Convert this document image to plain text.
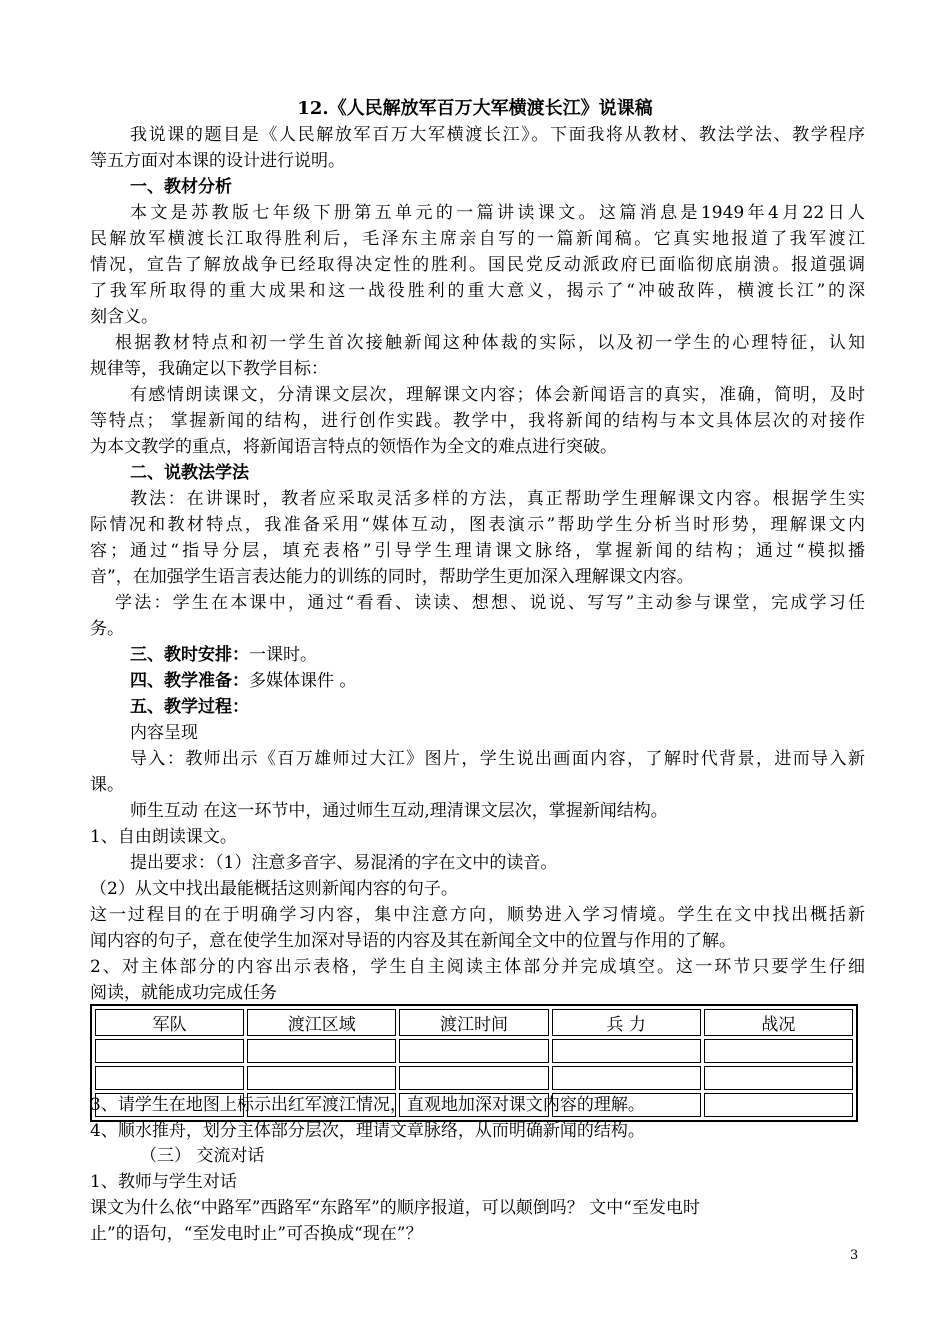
12.《人民解放军百万大军横渡长江》说课稿
我说课的题目是《人民解放军百万大军横渡长江》。下面我将从教材、教法学法、教学程序
等五方面对本课的设计进行说明。
一、教材分析
本文是苏教版七年级下册第五单元的一篇讲读课文。这篇消息是1949年4月22日人
民解放军横渡长江取得胜利后，毛泽东主席亲自写的一篇新闻稿。它真实地报道了我军渡江
情况，宣告了解放战争已经取得决定性的胜利。国民党反动派政府已面临彻底崩溃。报道强调
了我军所取得的重大成果和这一战役胜利的重大意义，揭示了“冲破敌阵，横渡长江”的深
刻含义。
根据教材特点和初一学生首次接触新闻这种体裁的实际，以及初一学生的心理特征，认知
规律等，我确定以下教学目标：
有感情朗读课文，分清课文层次，理解课文内容；体会新闻语言的真实，准确，简明，及时
等特点； 掌握新闻的结构，进行创作实践。教学中，我将新闻的结构与本文具体层次的对接作
为本文教学的重点，将新闻语言特点的领悟作为全文的难点进行突破。
二、说教法学法
教法：在讲课时，教者应采取灵活多样的方法，真正帮助学生理解课文内容。根据学生实
际情况和教材特点，我准备采用“媒体互动，图表演示”帮助学生分析当时形势，理解课文内
容；通过“指导分层，填充表格”引导学生理请课文脉络，掌握新闻的结构；通过“模拟播
音”，在加强学生语言表达能力的训练的同时，帮助学生更加深入理解课文内容。
学法：学生在本课中，通过“看看、读读、想想、说说、写写”主动参与课堂，完成学习任
务。
三、教时安排：一课时。
四、教学准备：多媒体课件 。
五、教学过程：
内容呈现
导入：教师出示《百万雄师过大江》图片，学生说出画面内容，了解时代背景，进而导入新
课。
师生互动 在这一环节中，通过师生互动,理清课文层次，掌握新闻结构。
1、自由朗读课文。
提出要求：（1）注意多音字、易混淆的字在文中的读音。
（2）从文中找出最能概括这则新闻内容的句子。
这一过程目的在于明确学习内容，集中注意方向，顺势进入学习情境。学生在文中找出概括新
闻内容的句子，意在使学生加深对导语的内容及其在新闻全文中的位置与作用的了解。
2、对主体部分的内容出示表格，学生自主阅读主体部分并完成填空。这一环节只要学生仔细
阅读，就能成功完成任务
军队	渡江区域	渡江时间	兵 力	战况

3、请学生在地图上标示出红军渡江情况，直观地加深对课文内容的理解。
4、顺水推舟，划分主体部分层次，理请文章脉络，从而明确新闻的结构。
（三） 交流对话
1、教师与学生对话
课文为什么依“中路军”西路军“东路军”的顺序报道，可以颠倒吗？ 文中“至发电时
止”的语句，“至发电时止”可否换成“现在”？
3
